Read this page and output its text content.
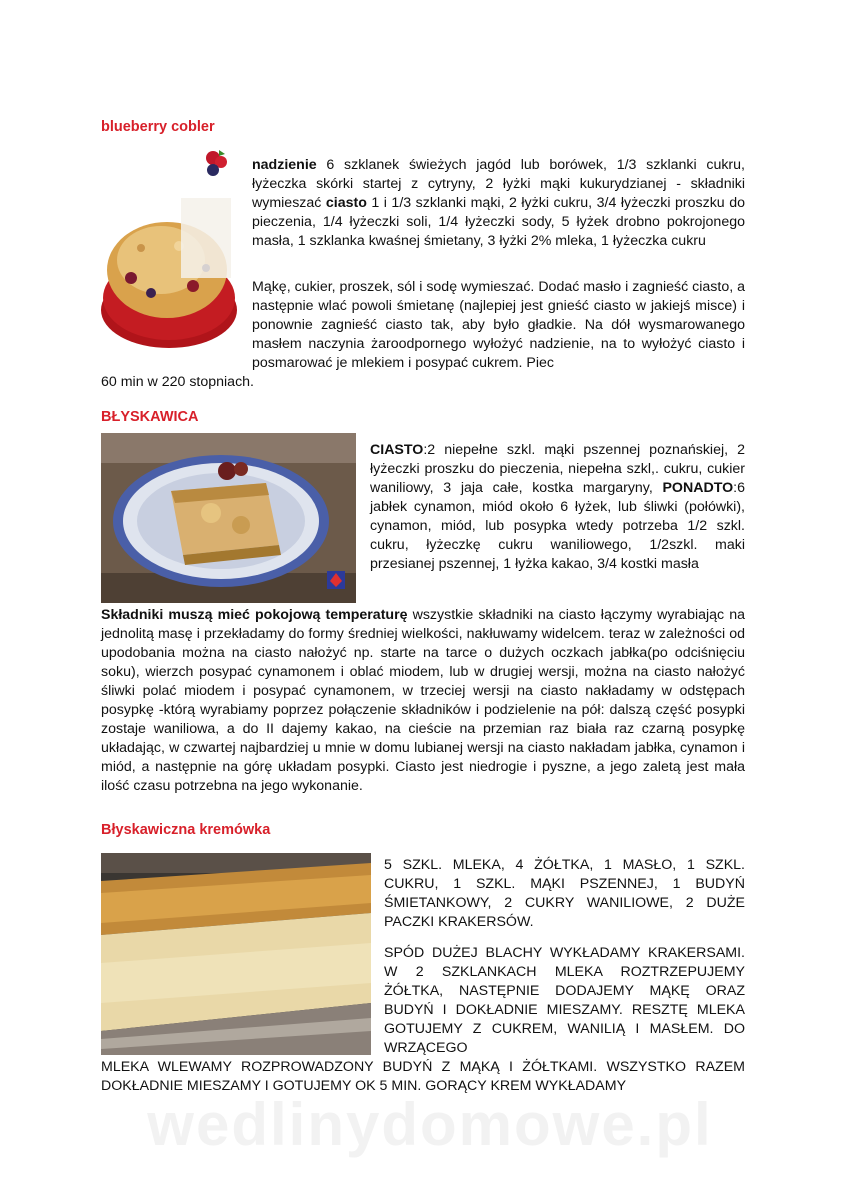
blueberry cobler

nadzienie 6 szklanek świeżych jagód lub borówek, 1/3 szklanki cukru, łyżeczka skórki startej z cytryny, 2 łyżki mąki kukurydzianej - składniki wymieszać ciasto 1 i 1/3 szklanki mąki, 2 łyżki cukru, 3/4 łyżeczki proszku do pieczenia, 1/4 łyżeczki soli, 1/4 łyżeczki sody, 5 łyżek drobno pokrojonego masła, 1 szklanka kwaśnej śmietany, 3 łyżki 2% mleka, 1 łyżeczka cukru

Mąkę, cukier, proszek, sól i sodę wymieszać. Dodać masło i zagnieść ciasto, a następnie wlać powoli śmietanę (najlepiej jest gnieść ciasto w jakiejś misce) i ponownie zagnieść ciasto tak, aby było gładkie. Na dół wysmarowanego masłem naczynia żaroodpornego wyłożyć nadzienie, na to wyłożyć ciasto i posmarować je mlekiem i posypać cukrem. Piec

60 min w 220 stopniach.

BŁYSKAWICA

CIASTO:2 niepełne szkl. mąki pszennej poznańskiej, 2 łyżeczki proszku do pieczenia, niepełna szkl,. cukru, cukier waniliowy, 3 jaja całe, kostka margaryny, PONADTO:6 jabłek cynamon, miód około 6 łyżek, lub śliwki (połówki), cynamon, miód, lub posypka wtedy potrzeba 1/2 szkl. cukru, łyżeczkę cukru waniliowego, 1/2szkl. maki przesianej pszennej, 1 łyżka kakao, 3/4 kostki masła

Składniki muszą mieć pokojową temperaturę wszystkie składniki na ciasto łączymy wyrabiając na jednolitą masę i przekładamy do formy średniej wielkości, nakłuwamy widelcem. teraz w zależności od upodobania można na ciasto nałożyć np. starte na tarce o dużych oczkach jabłka(po odciśnięciu soku), wierzch posypać cynamonem i oblać miodem, lub w drugiej wersji, można na ciasto nałożyć śliwki polać miodem i posypać cynamonem, w trzeciej wersji na ciasto nakładamy w odstępach posypkę -którą wyrabiamy poprzez połączenie składników i podzielenie na pół: dalszą część posypki zostaje waniliowa, a do II dajemy kakao, na cieście na przemian raz biała raz czarną posypkę układając, w czwartej najbardziej u mnie w domu lubianej wersji na ciasto nakładam jabłka, cynamon i miód, a następnie na górę układam posypki. Ciasto jest niedrogie i pyszne, a jego zaletą jest mała ilość czasu potrzebna na jego wykonanie.

Błyskawiczna kremówka

5 SZKL. MLEKA, 4 ŻÓŁTKA, 1 MASŁO, 1 SZKL. CUKRU, 1 SZKL. MĄKI PSZENNEJ, 1 BUDYŃ ŚMIETANKOWY, 2 CUKRY WANILIOWE, 2 DUŻE PACZKI KRAKERSÓW.

SPÓD DUŻEJ BLACHY WYKŁADAMY KRAKERSAMI. W 2 SZKLANKACH MLEKA ROZTRZEPUJEMY ŻÓŁTKA, NASTĘPNIE DODAJEMY MĄKĘ ORAZ BUDYŃ I DOKŁADNIE MIESZAMY. RESZTĘ MLEKA GOTUJEMY Z CUKREM, WANILIĄ I MASŁEM. DO WRZĄCEGO

MLEKA WLEWAMY ROZPROWADZONY BUDYŃ Z MĄKĄ I ŻÓŁTKAMI. WSZYSTKO RAZEM DOKŁADNIE MIESZAMY I GOTUJEMY OK 5 MIN. GORĄCY KREM WYKŁADAMY

wedlinydomowe.pl
